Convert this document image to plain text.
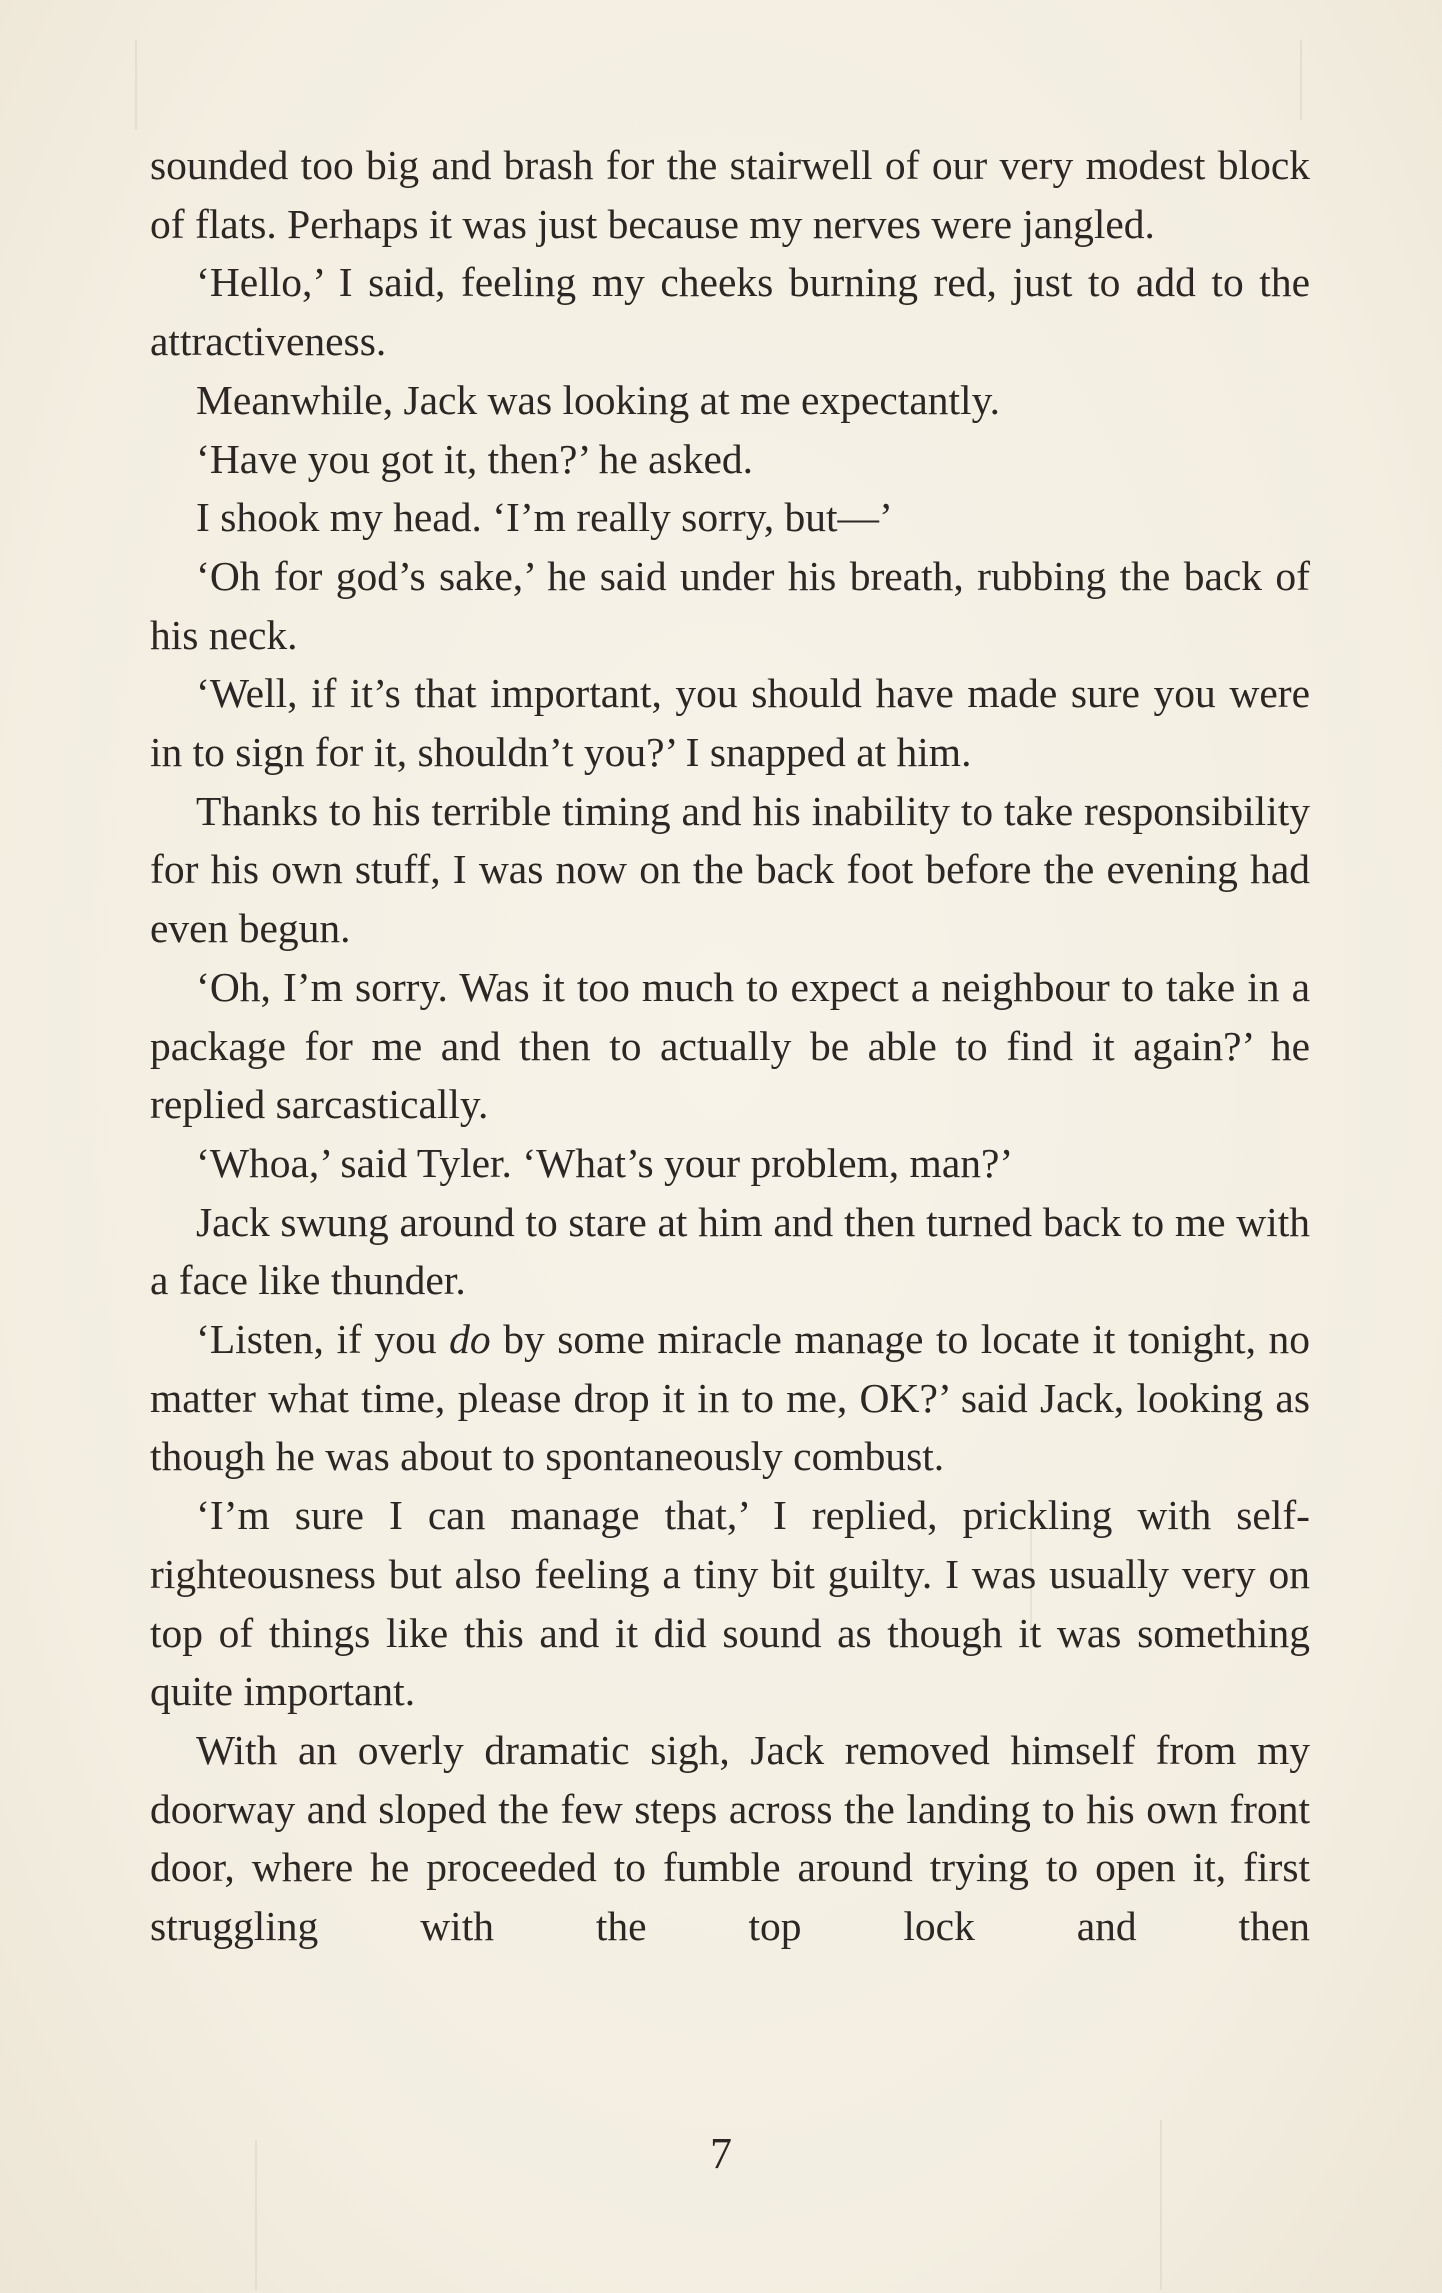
sounded too big and brash for the stairwell of our very modest block of flats. Perhaps it was just because my nerves were jangled.

‘Hello,’ I said, feeling my cheeks burning red, just to add to the attractiveness.

Meanwhile, Jack was looking at me expectantly.

‘Have you got it, then?’ he asked.

I shook my head. ‘I’m really sorry, but—’

‘Oh for god’s sake,’ he said under his breath, rubbing the back of his neck.

‘Well, if it’s that important, you should have made sure you were in to sign for it, shouldn’t you?’ I snapped at him.

Thanks to his terrible timing and his inability to take responsibility for his own stuff, I was now on the back foot before the evening had even begun.

‘Oh, I’m sorry. Was it too much to expect a neighbour to take in a package for me and then to actually be able to find it again?’ he replied sarcastically.

‘Whoa,’ said Tyler. ‘What’s your problem, man?’

Jack swung around to stare at him and then turned back to me with a face like thunder.

‘Listen, if you do by some miracle manage to locate it tonight, no matter what time, please drop it in to me, OK?’ said Jack, looking as though he was about to spontaneously combust.

‘I’m sure I can manage that,’ I replied, prickling with self-righteousness but also feeling a tiny bit guilty. I was usually very on top of things like this and it did sound as though it was something quite important.

With an overly dramatic sigh, Jack removed himself from my doorway and sloped the few steps across the landing to his own front door, where he proceeded to fumble around trying to open it, first struggling with the top lock and then

7
